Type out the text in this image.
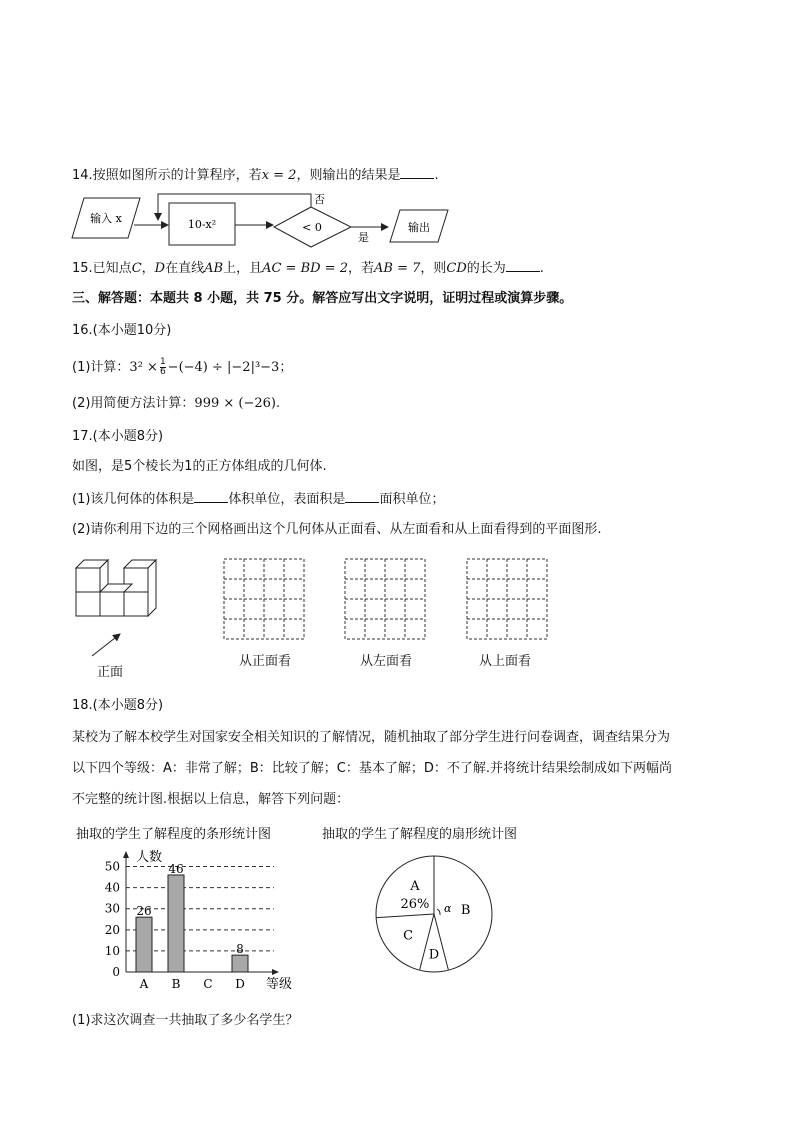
14.按照如图所示的计算程序，若x = 2，则输出的结果是	.
输入 x	10-x²	< 0
否
是
输出
15.已知点C，D在直线AB上，且AC = BD = 2，若AB = 7，则CD的长为	.
三、解答题：本题共 8 小题，共 75 分。解答应写出文字说明，证明过程或演算步骤。
16.(本小题10分)
(1)计算：$3^2 \times \frac{1}{6} -(-4) \div |-2|^3-3$；
(2)用简便方法计算：999 × (−26).
17.(本小题8分)
如图，是5个棱长为1的正方体组成的几何体.
(1)该几何体的体积是	体积单位，表面积是	面积单位；
(2)请你利用下边的三个网格画出这个几何体从正面看、从左面看和从上面看得到的平面图形.
正面
从正面看	从左面看	从上面看
18.(本小题8分)
某校为了解本校学生对国家安全相关知识的了解情况，随机抽取了部分学生进行问卷调查，调查结果分为
以下四个等级：A：非常了解；B：比较了解；C：基本了解；D：不了解.并将统计结果绘制成如下两幅尚
不完整的统计图.根据以上信息，解答下列问题：
抽取的学生了解程度的条形统计图	抽取的学生了解程度的扇形统计图
0
10
20
30
40
50
人数
等级
26
A
46
B C
8
D
A
26% B
C
D
α
(1)求这次调查一共抽取了多少名学生？
